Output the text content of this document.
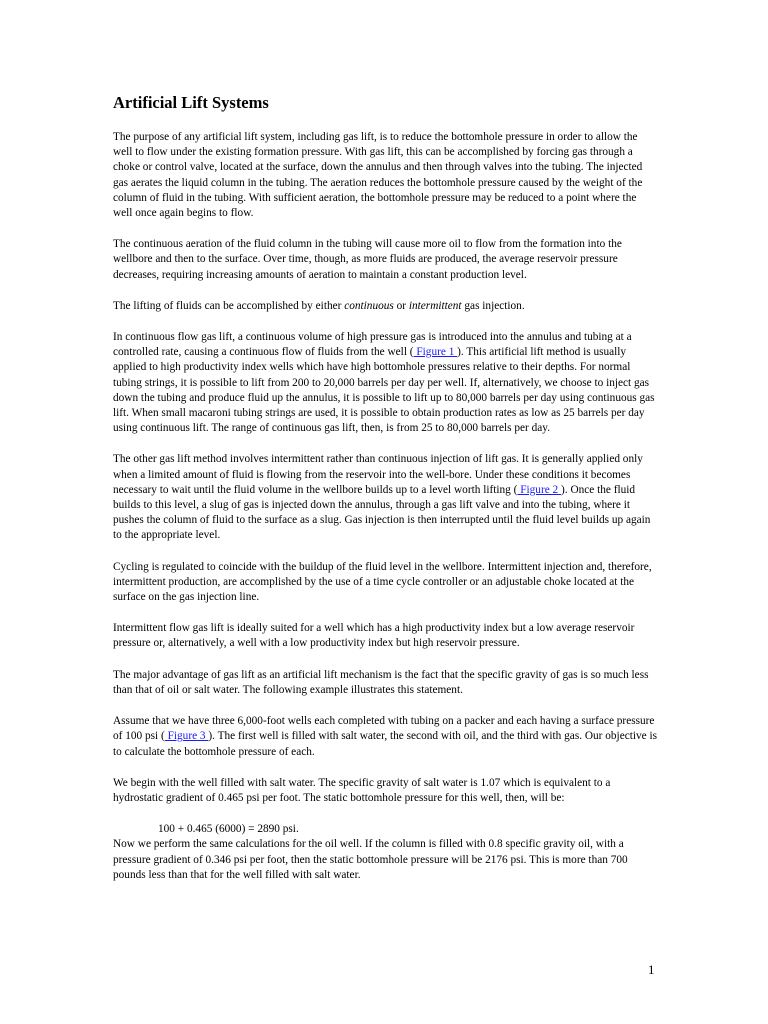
Artificial Lift Systems

The purpose of any artificial lift system, including gas lift, is to reduce the bottomhole pressure in order to allow the well to flow under the existing formation pressure. With gas lift, this can be accomplished by forcing gas through a choke or control valve, located at the surface, down the annulus and then through valves into the tubing. The injected gas aerates the liquid column in the tubing. The aeration reduces the bottomhole pressure caused by the weight of the column of fluid in the tubing. With sufficient aeration, the bottomhole pressure may be reduced to a point where the well once again begins to flow.

The continuous aeration of the fluid column in the tubing will cause more oil to flow from the formation into the wellbore and then to the surface. Over time, though, as more fluids are produced, the average reservoir pressure decreases, requiring increasing amounts of aeration to maintain a constant production level.

The lifting of fluids can be accomplished by either continuous or intermittent gas injection.

In continuous flow gas lift, a continuous volume of high pressure gas is introduced into the annulus and tubing at a controlled rate, causing a continuous flow of fluids from the well ( Figure 1 ). This artificial lift method is usually applied to high productivity index wells which have high bottomhole pressures relative to their depths. For normal tubing strings, it is possible to lift from 200 to 20,000 barrels per day per well. If, alternatively, we choose to inject gas down the tubing and produce fluid up the annulus, it is possible to lift up to 80,000 barrels per day using continuous gas lift. When small macaroni tubing strings are used, it is possible to obtain production rates as low as 25 barrels per day using continuous lift. The range of continuous gas lift, then, is from 25 to 80,000 barrels per day.

The other gas lift method involves intermittent rather than continuous injection of lift gas. It is generally applied only when a limited amount of fluid is flowing from the reservoir into the well-bore. Under these conditions it becomes necessary to wait until the fluid volume in the wellbore builds up to a level worth lifting ( Figure 2 ). Once the fluid builds to this level, a slug of gas is injected down the annulus, through a gas lift valve and into the tubing, where it pushes the column of fluid to the surface as a slug. Gas injection is then interrupted until the fluid level builds up again to the appropriate level.

Cycling is regulated to coincide with the buildup of the fluid level in the wellbore. Intermittent injection and, therefore, intermittent production, are accomplished by the use of a time cycle controller or an adjustable choke located at the surface on the gas injection line.

Intermittent flow gas lift is ideally suited for a well which has a high productivity index but a low average reservoir pressure or, alternatively, a well with a low productivity index but high reservoir pressure.

The major advantage of gas lift as an artificial lift mechanism is the fact that the specific gravity of gas is so much less than that of oil or salt water. The following example illustrates this statement.

Assume that we have three 6,000-foot wells each completed with tubing on a packer and each having a surface pressure of 100 psi ( Figure 3 ). The first well is filled with salt water, the second with oil, and the third with gas. Our objective is to calculate the bottomhole pressure of each.

We begin with the well filled with salt water. The specific gravity of salt water is 1.07 which is equivalent to a hydrostatic gradient of 0.465 psi per foot. The static bottomhole pressure for this well, then, will be:

100 + 0.465 (6000) = 2890 psi.

Now we perform the same calculations for the oil well. If the column is filled with 0.8 specific gravity oil, with a pressure gradient of 0.346 psi per foot, then the static bottomhole pressure will be 2176 psi. This is more than 700 pounds less than that for the well filled with salt water.

1
